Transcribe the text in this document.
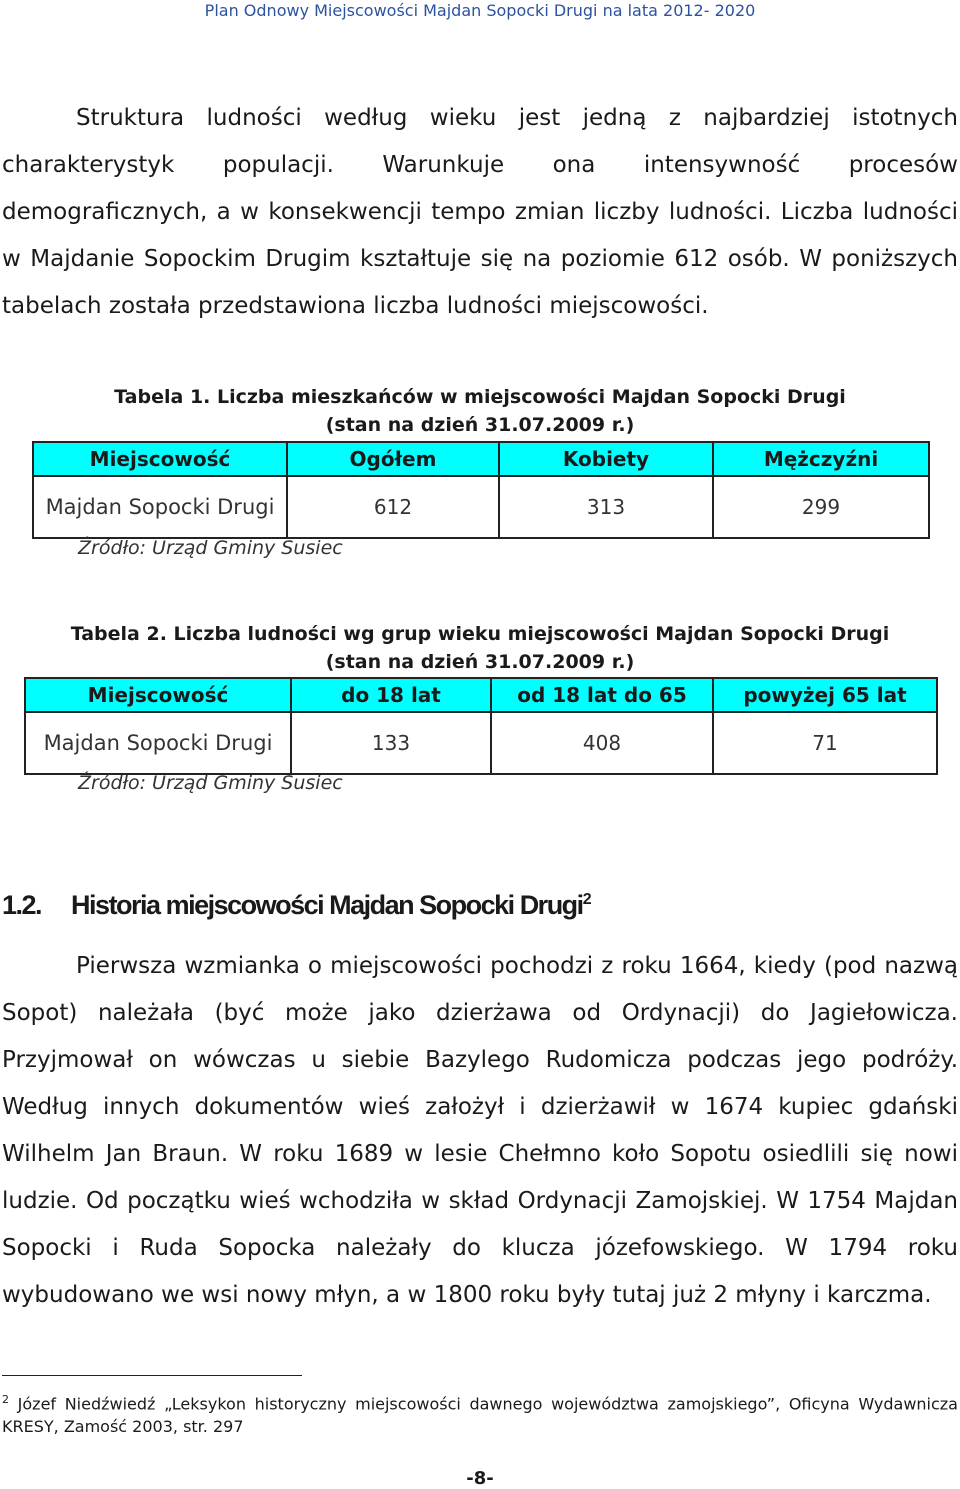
Plan Odnowy Miejscowości Majdan Sopocki Drugi na lata 2012- 2020
Struktura ludności według wieku jest jedną z najbardziej istotnych charakterystyk populacji. Warunkuje ona intensywność procesów demograficznych, a w konsekwencji tempo zmian liczby ludności. Liczba ludności w Majdanie Sopockim Drugim kształtuje się na poziomie 612 osób. W poniższych tabelach została przedstawiona liczba ludności miejscowości.
Tabela 1. Liczba mieszkańców w miejscowości Majdan Sopocki Drugi
(stan na dzień 31.07.2009 r.)
Miejscowość	Ogółem	Kobiety	Mężczyźni
Majdan Sopocki Drugi	612	313	299
Źródło: Urząd Gminy Susiec
Tabela 2. Liczba ludności wg grup wieku miejscowości Majdan Sopocki Drugi
(stan na dzień 31.07.2009 r.)
Miejscowość	do 18 lat	od 18 lat do 65	powyżej 65 lat
Majdan Sopocki Drugi	133	408	71
Źródło: Urząd Gminy Susiec
1.2. Historia miejscowości Majdan Sopocki Drugi$^2$
Pierwsza wzmianka o miejscowości pochodzi z roku 1664, kiedy (pod nazwą Sopot) należała (być może jako dzierżawa od Ordynacji) do Jagiełowicza. Przyjmował on wówczas u siebie Bazylego Rudomicza podczas jego podróży. Według innych dokumentów wieś założył i dzierżawił w 1674 kupiec gdański Wilhelm Jan Braun. W roku 1689 w lesie Chełmno koło Sopotu osiedlili się nowi ludzie. Od początku wieś wchodziła w skład Ordynacji Zamojskiej. W 1754 Majdan Sopocki i Ruda Sopocka należały do klucza józefowskiego. W 1794 roku wybudowano we wsi nowy młyn, a w 1800 roku były tutaj już 2 młyny i karczma.
$^2$ Józef Niedźwiedź „Leksykon historyczny miejscowości dawnego województwa zamojskiego”, Oficyna Wydawnicza KRESY, Zamość 2003, str. 297
-8-
